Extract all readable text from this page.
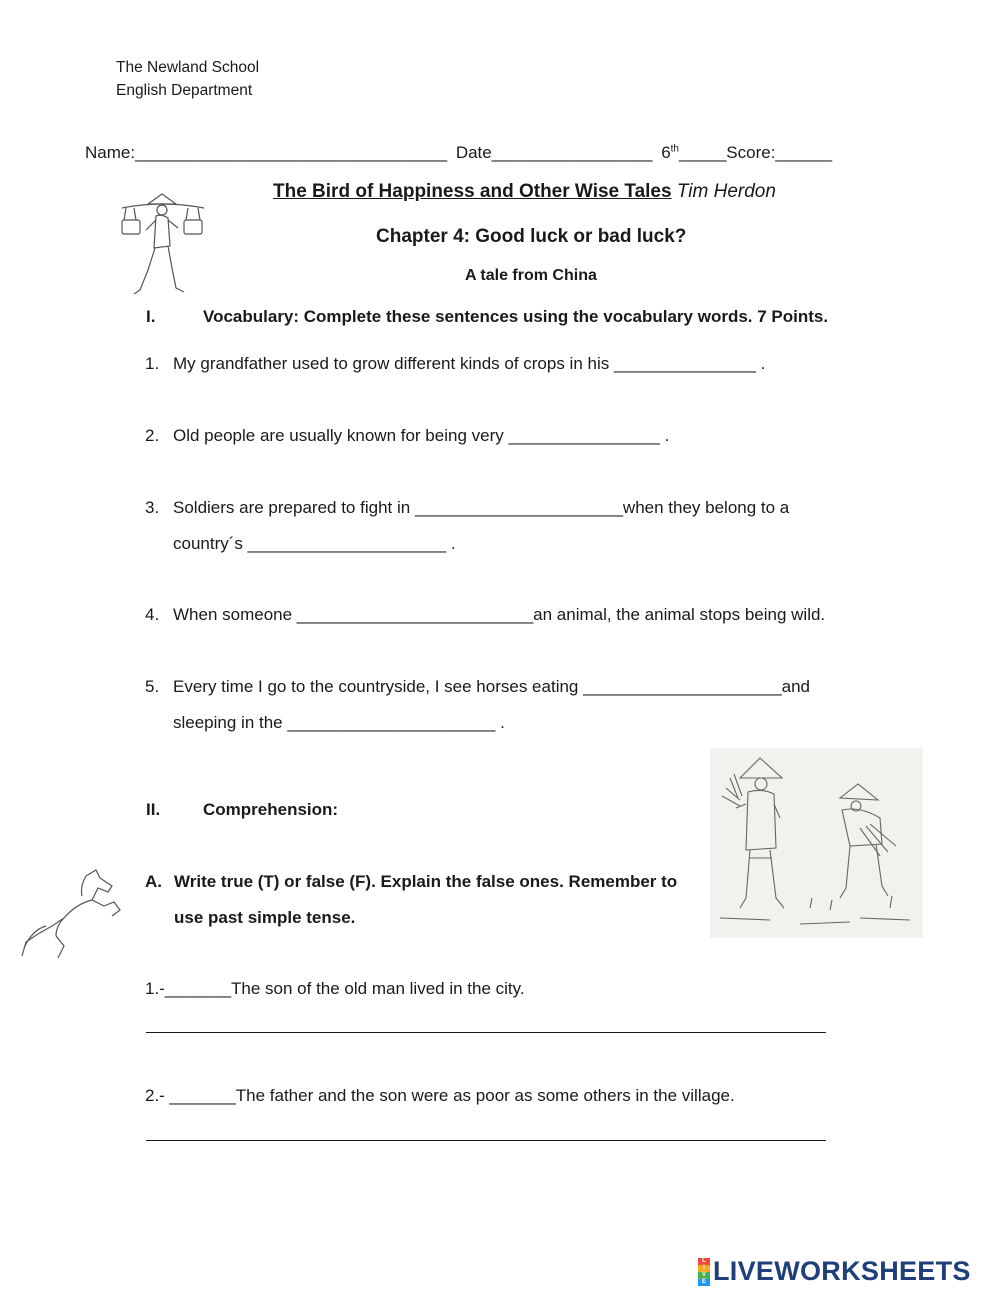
The Newland School
English Department
Name:_________________________________ Date_________________ 6th_____Score:______
The Bird of Happiness and Other Wise Tales Tim Herdon
Chapter 4: Good luck or bad luck?
A tale from China
I.	Vocabulary: Complete these sentences using the vocabulary words. 7 Points.
1. My grandfather used to grow different kinds of crops in his _______________ .
2. Old people are usually known for being very ________________ .
3. Soldiers are prepared to fight in ______________________when they belong to a
country´s _____________________ .
4. When someone _________________________an animal, the animal stops being wild.
5. Every time I go to the countryside, I see horses eating _____________________and
sleeping in the ______________________ .
II.	Comprehension:
A. Write true (T) or false (F). Explain the false ones. Remember to
use past simple tense.
1.-_______The son of the old man lived in the city.
2.- _______The father and the son were as poor as some others in the village.
L
I
V
E LIVEWORKSHEETS
